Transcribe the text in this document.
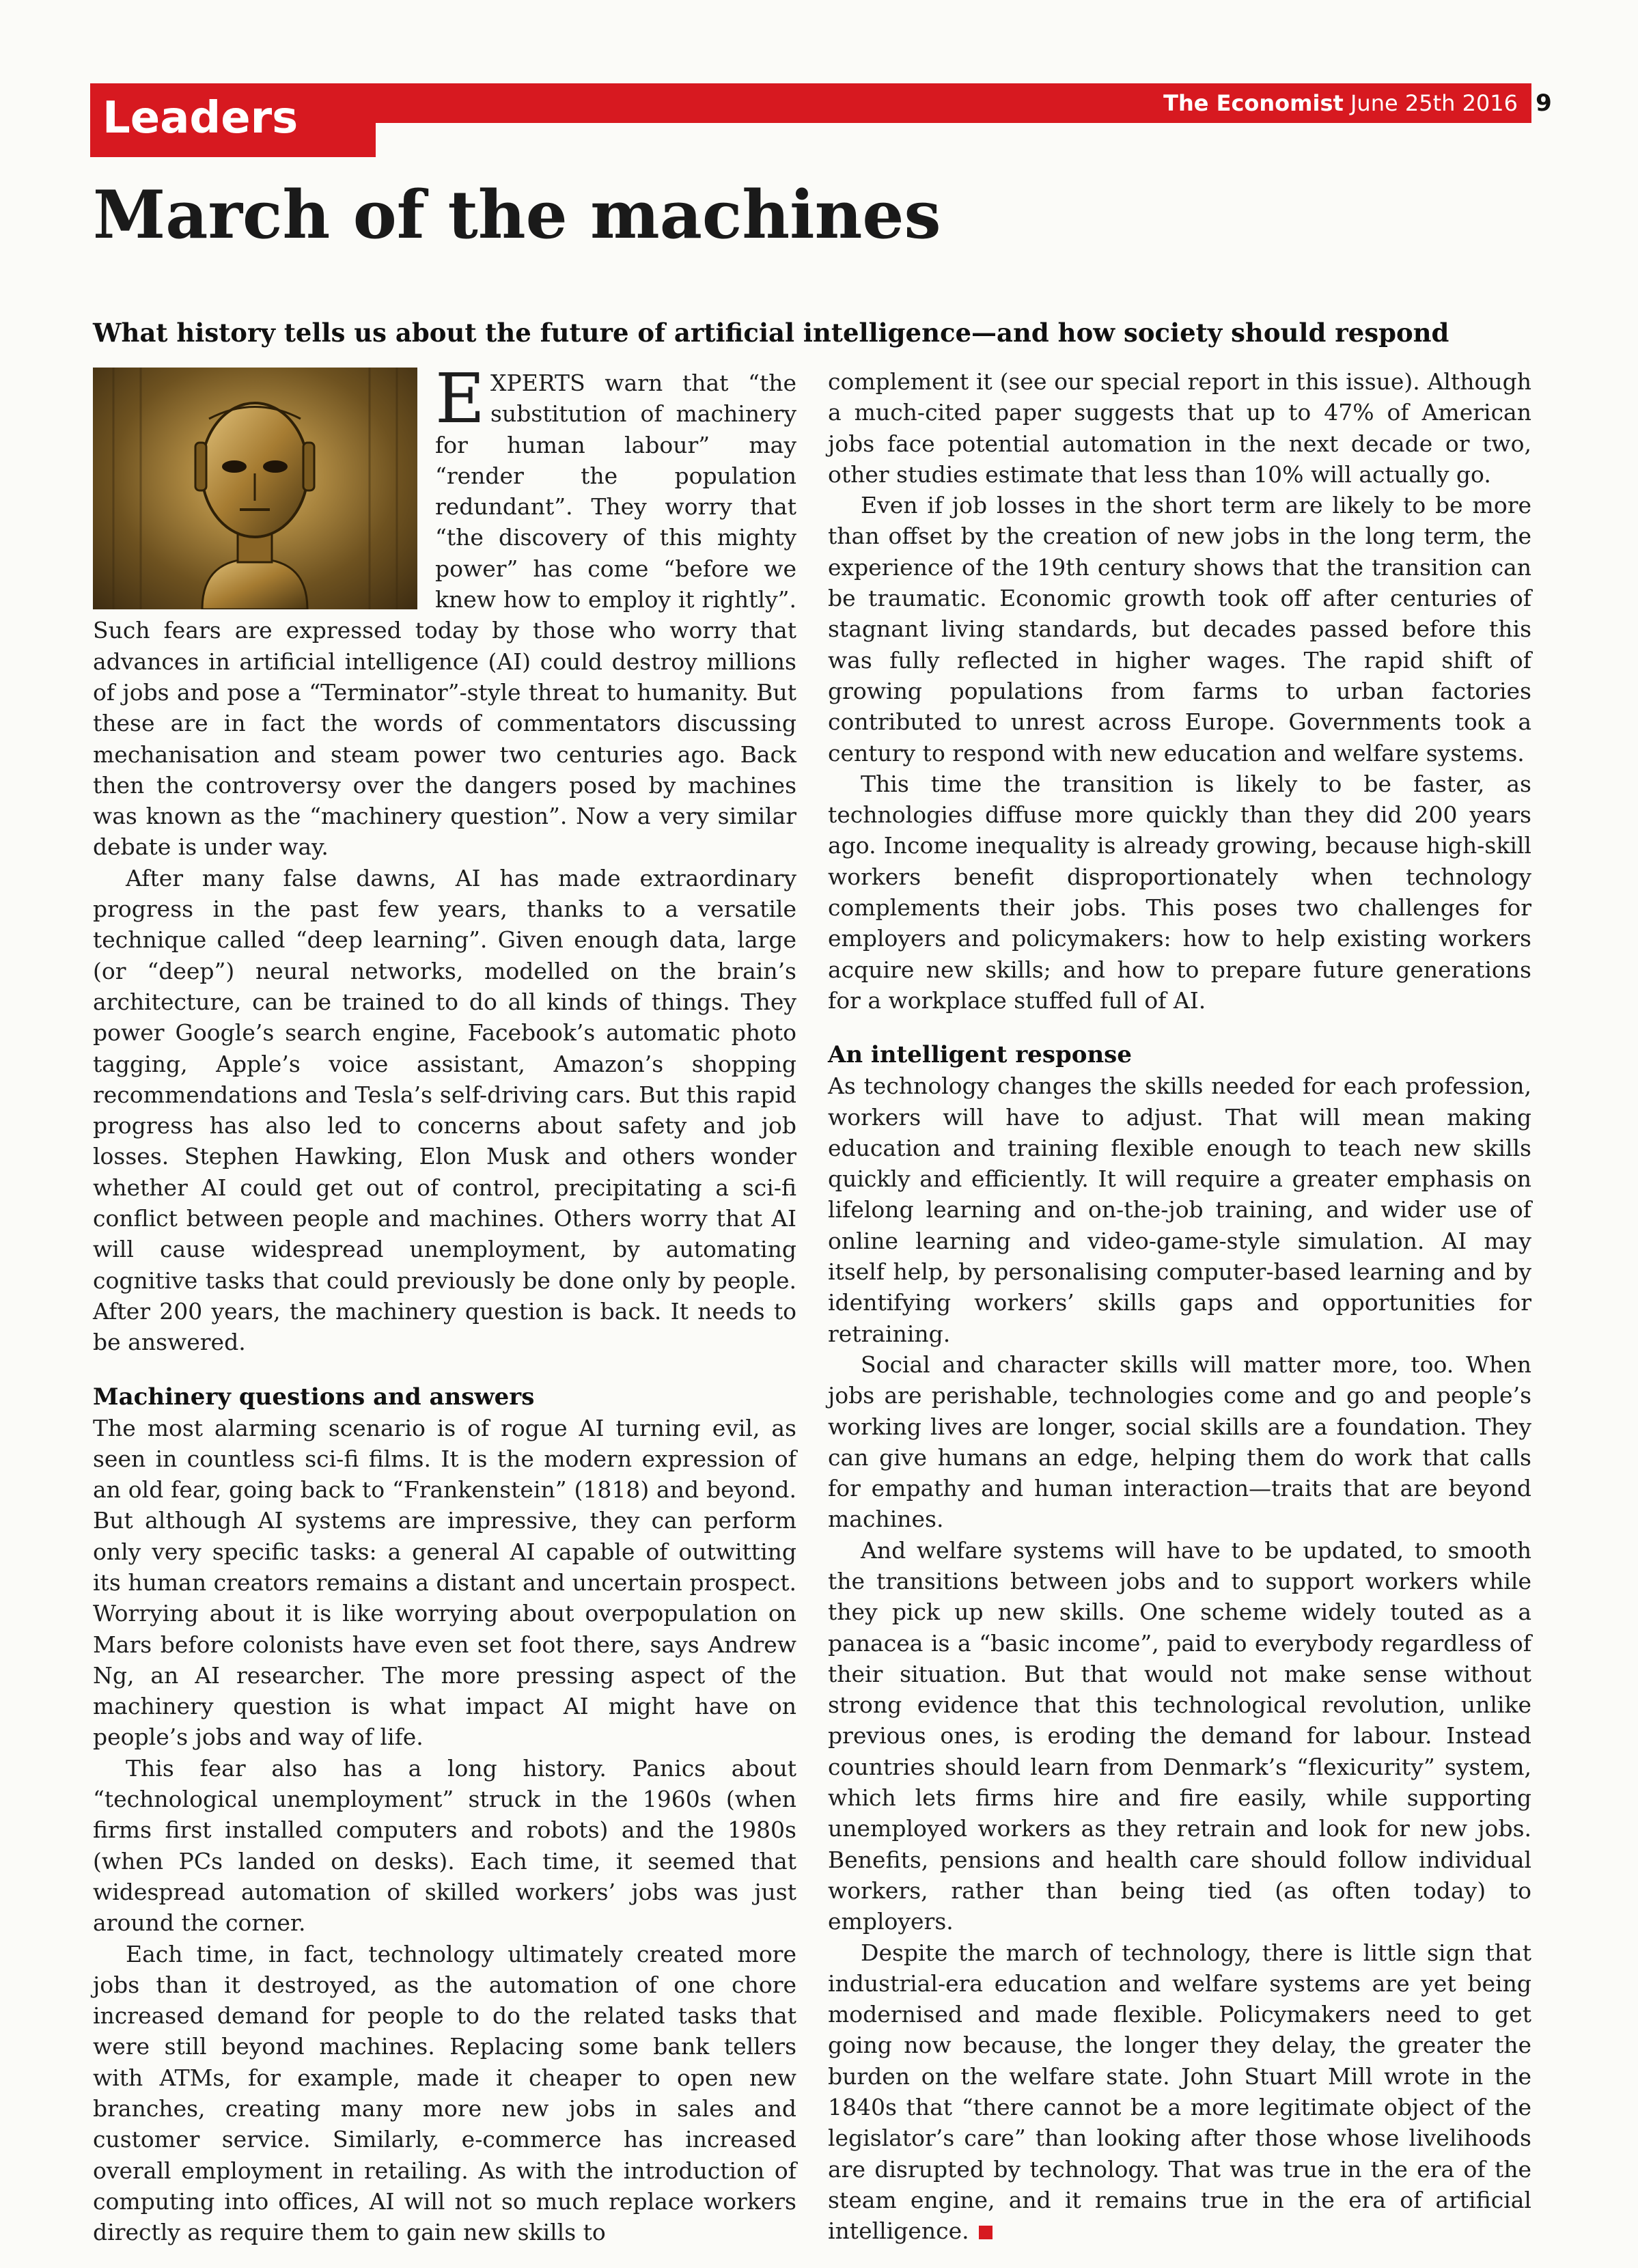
Leaders	The Economist June 25th 2016 9
March of the machines
What history tells us about the future of artificial intelligence—and how society should respond

EXPERTS warn that “the substitution of machinery for human labour” may “render the population redundant”. They worry that “the discovery of this mighty power” has come “before we knew how to employ it rightly”. Such fears are expressed today by those who worry that advances in artificial intelligence (AI) could destroy millions of jobs and pose a “Terminator”-style threat to humanity. But these are in fact the words of commentators discussing mechanisation and steam power two centuries ago. Back then the controversy over the dangers posed by machines was known as the “machinery question”. Now a very similar debate is under way.

After many false dawns, AI has made extraordinary progress in the past few years, thanks to a versatile technique called “deep learning”. Given enough data, large (or “deep”) neural networks, modelled on the brain’s architecture, can be trained to do all kinds of things. They power Google’s search engine, Facebook’s automatic photo tagging, Apple’s voice assistant, Amazon’s shopping recommendations and Tesla’s self-driving cars. But this rapid progress has also led to concerns about safety and job losses. Stephen Hawking, Elon Musk and others wonder whether AI could get out of control, precipitating a sci-fi conflict between people and machines. Others worry that AI will cause widespread unemployment, by automating cognitive tasks that could previously be done only by people. After 200 years, the machinery question is back. It needs to be answered.

Machinery questions and answers

The most alarming scenario is of rogue AI turning evil, as seen in countless sci-fi films. It is the modern expression of an old fear, going back to “Frankenstein” (1818) and beyond. But although AI systems are impressive, they can perform only very specific tasks: a general AI capable of outwitting its human creators remains a distant and uncertain prospect. Worrying about it is like worrying about overpopulation on Mars before colonists have even set foot there, says Andrew Ng, an AI researcher. The more pressing aspect of the machinery question is what impact AI might have on people’s jobs and way of life.

This fear also has a long history. Panics about “technological unemployment” struck in the 1960s (when firms first installed computers and robots) and the 1980s (when PCs landed on desks). Each time, it seemed that widespread automation of skilled workers’ jobs was just around the corner.

Each time, in fact, technology ultimately created more jobs than it destroyed, as the automation of one chore increased demand for people to do the related tasks that were still beyond machines. Replacing some bank tellers with ATMs, for example, made it cheaper to open new branches, creating many more new jobs in sales and customer service. Similarly, e-commerce has increased overall employment in retailing. As with the introduction of computing into offices, AI will not so much replace workers directly as require them to gain new skills to

complement it (see our special report in this issue). Although a much-cited paper suggests that up to 47% of American jobs face potential automation in the next decade or two, other studies estimate that less than 10% will actually go.

Even if job losses in the short term are likely to be more than offset by the creation of new jobs in the long term, the experience of the 19th century shows that the transition can be traumatic. Economic growth took off after centuries of stagnant living standards, but decades passed before this was fully reflected in higher wages. The rapid shift of growing populations from farms to urban factories contributed to unrest across Europe. Governments took a century to respond with new education and welfare systems.

This time the transition is likely to be faster, as technologies diffuse more quickly than they did 200 years ago. Income inequality is already growing, because high-skill workers benefit disproportionately when technology complements their jobs. This poses two challenges for employers and policymakers: how to help existing workers acquire new skills; and how to prepare future generations for a workplace stuffed full of AI.

An intelligent response

As technology changes the skills needed for each profession, workers will have to adjust. That will mean making education and training flexible enough to teach new skills quickly and efficiently. It will require a greater emphasis on lifelong learning and on-the-job training, and wider use of online learning and video-game-style simulation. AI may itself help, by personalising computer-based learning and by identifying workers’ skills gaps and opportunities for retraining.

Social and character skills will matter more, too. When jobs are perishable, technologies come and go and people’s working lives are longer, social skills are a foundation. They can give humans an edge, helping them do work that calls for empathy and human interaction—traits that are beyond machines.

And welfare systems will have to be updated, to smooth the transitions between jobs and to support workers while they pick up new skills. One scheme widely touted as a panacea is a “basic income”, paid to everybody regardless of their situation. But that would not make sense without strong evidence that this technological revolution, unlike previous ones, is eroding the demand for labour. Instead countries should learn from Denmark’s “flexicurity” system, which lets firms hire and fire easily, while supporting unemployed workers as they retrain and look for new jobs. Benefits, pensions and health care should follow individual workers, rather than being tied (as often today) to employers.

Despite the march of technology, there is little sign that industrial-era education and welfare systems are yet being modernised and made flexible. Policymakers need to get going now because, the longer they delay, the greater the burden on the welfare state. John Stuart Mill wrote in the 1840s that “there cannot be a more legitimate object of the legislator’s care” than looking after those whose livelihoods are disrupted by technology. That was true in the era of the steam engine, and it remains true in the era of artificial intelligence.
